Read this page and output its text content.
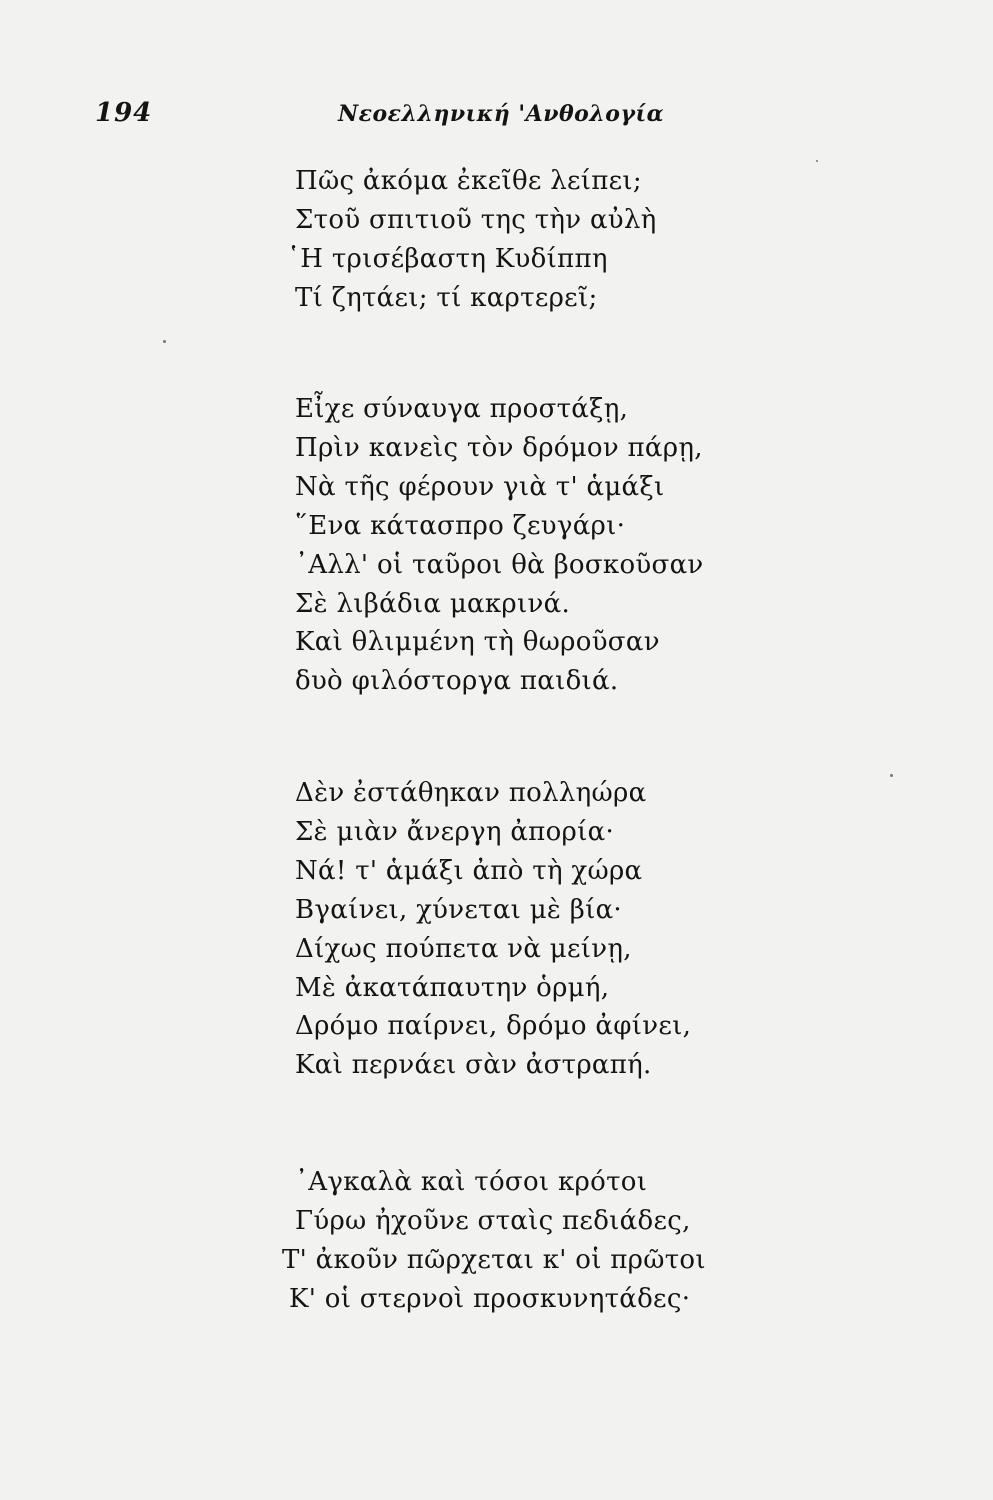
194	Νεοελληνική 'Ανθολογία
Πῶς ἀκόμα ἐκεῖθε λείπει;
Στοῦ σπιτιοῦ της τὴν αὐλὴ
῾Η τρισέβαστη Κυδίππη
Τί ζητάει; τί καρτερεῖ;
Εἶχε σύναυγα προστάξῃ,
Πρὶν κανεὶς τὸν δρόμον πάρῃ,
Νὰ τῆς φέρουν γιὰ τ' ἁμάξι
῞Ενα κάτασπρο ζευγάρι·
᾿Αλλ' οἱ ταῦροι θὰ βοσκοῦσαν
Σὲ λιβάδια μακρινά.
Καὶ θλιμμένη τὴ θωροῦσαν
δυὸ φιλόστοργα παιδιά.
Δὲν ἐστάθηκαν πολληώρα
Σὲ μιὰν ἄνεργη ἀπορία·
Νά! τ' ἁμάξι ἀπὸ τὴ χώρα
Βγαίνει, χύνεται μὲ βία·
Δίχως πούπετα νὰ μείνῃ,
Μὲ ἀκατάπαυτην ὁρμή,
Δρόμο παίρνει, δρόμο ἀφίνει,
Καὶ περνάει σὰν ἀστραπή.
᾿Αγκαλὰ καὶ τόσοι κρότοι
Γύρω ἠχοῦνε σταὶς πεδιάδες,
Τ' ἀκοῦν πῶρχεται κ' οἱ πρῶτοι
Κ' οἱ στερνοὶ προσκυνητάδες·
